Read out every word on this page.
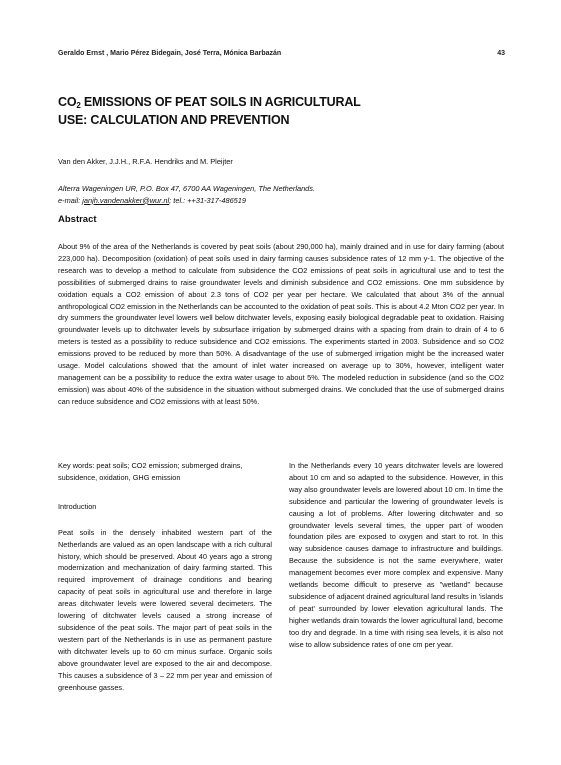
Geraldo Ernst , Mario Pérez Bidegain, José Terra, Mónica Barbazán	43
$CO_2$ EMISSIONS OF PEAT SOILS IN AGRICULTURAL
USE: CALCULATION AND PREVENTION
Van den Akker, J.J.H., R.F.A. Hendriks and M. Pleijter
Alterra Wageningen UR, P.O. Box 47, 6700 AA Wageningen, The Netherlands.
e-mail: janjh.vandenakker@wur.nl; tel.: ++31-317-486519
Abstract
About 9% of the area of the Netherlands is covered by peat soils (about 290,000 ha), mainly drained and in use for dairy farming (about 223,000 ha). Decomposition (oxidation) of peat soils used in dairy farming causes subsidence rates of 12 mm y-1. The objective of the research was to develop a method to calculate from subsidence the CO2 emissions of peat soils in agricultural use and to test the possibilities of submerged drains to raise groundwater levels and diminish subsidence and CO2 emissions. One mm subsidence by oxidation equals a CO2 emission of about 2.3 tons of CO2 per year per hectare. We calculated that about 3% of the annual anthropological CO2 emission in the Netherlands can be accounted to the oxidation of peat soils. This is about 4.2 Mton CO2 per year. In dry summers the groundwater level lowers well below ditchwater levels, exposing easily biological degradable peat to oxidation. Raising groundwater levels up to ditchwater levels by subsurface irrigation by submerged drains with a spacing from drain to drain of 4 to 6 meters is tested as a possibility to reduce subsidence and CO2 emissions. The experiments started in 2003. Subsidence and so CO2 emissions proved to be reduced by more than 50%. A disadvantage of the use of submerged irrigation might be the increased water usage. Model calculations showed that the amount of inlet water increased on average up to 30%, however, intelligent water management can be a possibility to reduce the extra water usage to about 5%. The modeled reduction in subsidence (and so the CO2 emission) was about 40% of the subsidence in the situation without submerged drains. We concluded that the use of submerged drains can reduce subsidence and CO2 emissions with at least 50%.

Key words: peat soils; CO2 emission; submerged drains, subsidence, oxidation, GHG emission

Introduction

Peat soils in the densely inhabited western part of the Netherlands are valued as an open landscape with a rich cultural history, which should be preserved. About 40 years ago a strong modernization and mechanization of dairy farming started. This required improvement of drainage conditions and bearing capacity of peat soils in agricultural use and therefore in large areas ditchwater levels were lowered several decimeters. The lowering of ditchwater levels caused a strong increase of subsidence of the peat soils. The major part of peat soils in the western part of the Netherlands is in use as permanent pasture with ditchwater levels up to 60 cm minus surface. Organic soils above groundwater level are exposed to the air and decompose. This causes a subsidence of 3 – 22 mm per year and emission of greenhouse gasses.

In the Netherlands every 10 years ditchwater levels are lowered about 10 cm and so adapted to the subsidence. However, in this way also groundwater levels are lowered about 10 cm. In time the subsidence and particular the lowering of groundwater levels is causing a lot of problems. After lowering ditchwater and so groundwater levels several times, the upper part of wooden foundation piles are exposed to oxygen and start to rot. In this way subsidence causes damage to infrastructure and buildings. Because the subsidence is not the same everywhere, water management becomes ever more complex and expensive. Many wetlands become difficult to preserve as "wetland" because subsidence of adjacent drained agricultural land results in 'islands of peat' surrounded by lower elevation agricultural lands. The higher wetlands drain towards the lower agricultural land, become too dry and degrade. In a time with rising sea levels, it is also not wise to allow subsidence rates of one cm per year.
